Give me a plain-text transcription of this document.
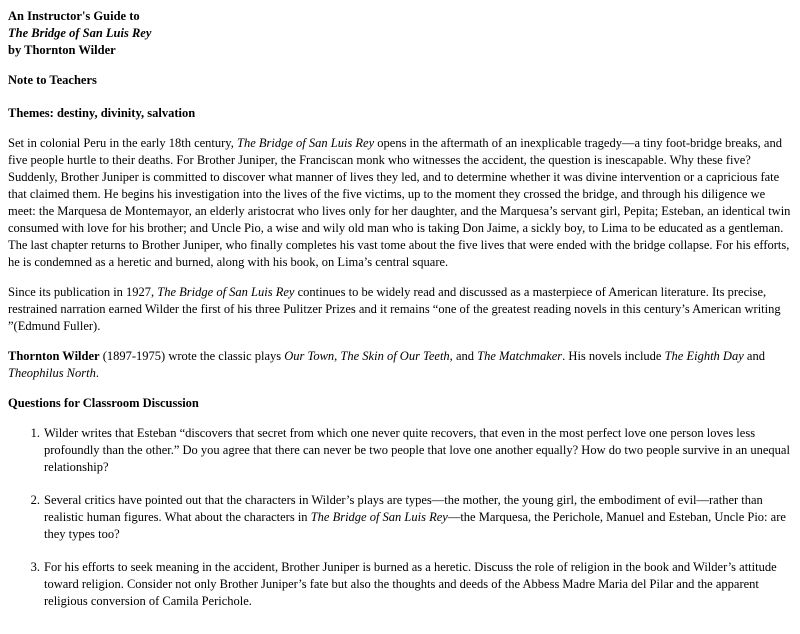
An Instructor's Guide to
The Bridge of San Luis Rey
by Thornton Wilder

Note to Teachers

Themes: destiny, divinity, salvation

Set in colonial Peru in the early 18th century, The Bridge of San Luis Rey opens in the aftermath of an inexplicable tragedy—a tiny foot-bridge breaks, and five people hurtle to their deaths. For Brother Juniper, the Franciscan monk who witnesses the accident, the question is inescapable. Why these five? Suddenly, Brother Juniper is committed to discover what manner of lives they led, and to determine whether it was divine intervention or a capricious fate that claimed them. He begins his investigation into the lives of the five victims, up to the moment they crossed the bridge, and through his diligence we meet: the Marquesa de Montemayor, an elderly aristocrat who lives only for her daughter, and the Marquesa’s servant girl, Pepita; Esteban, an identical twin consumed with love for his brother; and Uncle Pio, a wise and wily old man who is taking Don Jaime, a sickly boy, to Lima to be educated as a gentleman. The last chapter returns to Brother Juniper, who finally completes his vast tome about the five lives that were ended with the bridge collapse. For his efforts, he is condemned as a heretic and burned, along with his book, on Lima’s central square.

Since its publication in 1927, The Bridge of San Luis Rey continues to be widely read and discussed as a masterpiece of American literature. Its precise, restrained narration earned Wilder the first of his three Pulitzer Prizes and it remains “one of the greatest reading novels in this century’s American writing ”(Edmund Fuller).

Thornton Wilder (1897-1975) wrote the classic plays Our Town, The Skin of Our Teeth, and The Matchmaker. His novels include The Eighth Day and Theophilus North.

Questions for Classroom Discussion

1. Wilder writes that Esteban “discovers that secret from which one never quite recovers, that even in the most perfect love one person loves less profoundly than the other.” Do you agree that there can never be two people that love one another equally? How do two people survive in an unequal relationship?
2. Several critics have pointed out that the characters in Wilder’s plays are types—the mother, the young girl, the embodiment of evil—rather than realistic human figures. What about the characters in The Bridge of San Luis Rey—the Marquesa, the Perichole, Manuel and Esteban, Uncle Pio: are they types too?
3. For his efforts to seek meaning in the accident, Brother Juniper is burned as a heretic. Discuss the role of religion in the book and Wilder’s attitude toward religion. Consider not only Brother Juniper’s fate but also the thoughts and deeds of the Abbess Madre Maria del Pilar and the apparent religious conversion of Camila Perichole.
